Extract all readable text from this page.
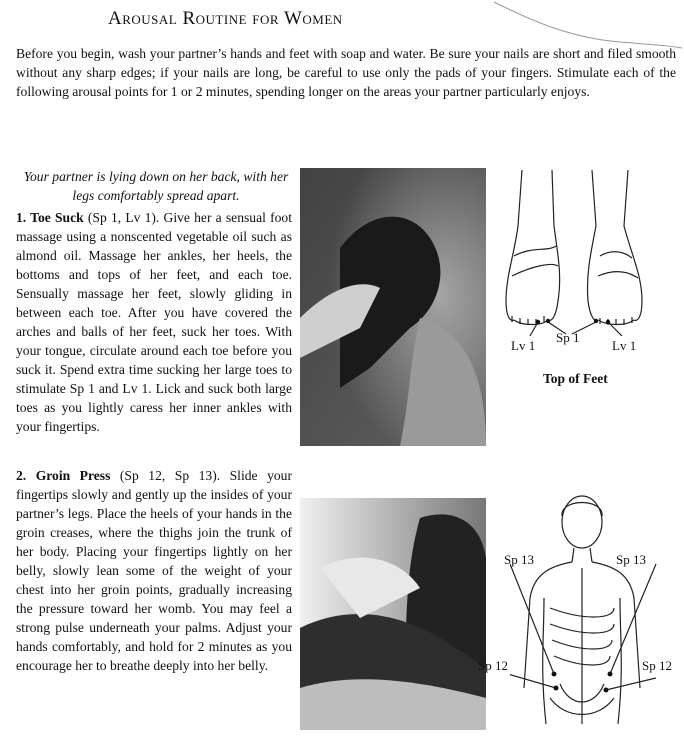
Arousal Routine for Women

Before you begin, wash your partner’s hands and feet with soap and water. Be sure your nails are short and filed smooth without any sharp edges; if your nails are long, be careful to use only the pads of your fingers. Stimulate each of the following arousal points for 1 or 2 minutes, spending longer on the areas your partner particularly enjoys.

Your partner is lying down on her back, with her legs comfortably spread apart.

1. Toe Suck (Sp 1, Lv 1). Give her a sensual foot massage using a nonscented vegetable oil such as almond oil. Massage her ankles, her heels, the bottoms and tops of her feet, and each toe. Sensually massage her feet, slowly gliding in between each toe. After you have covered the arches and balls of her feet, suck her toes. With your tongue, circulate around each toe before you suck it. Spend extra time sucking her large toes to stimulate Sp 1 and Lv 1. Lick and suck both large toes as you lightly caress her inner ankles with your fingertips.

2. Groin Press (Sp 12, Sp 13). Slide your fingertips slowly and gently up the insides of your partner’s legs. Place the heels of your hands in the groin creases, where the thighs join the trunk of her body. Placing your fingertips lightly on her belly, slowly lean some of the weight of your chest into her groin points, gradually increasing the pressure toward her womb. You may feel a strong pulse underneath your palms. Adjust your hands comfortably, and hold for 2 minutes as you encourage her to breathe deeply into her belly.

Lv 1
Sp 1
Lv 1
Top of Feet
Sp 13	Sp 13
Sp 12	Sp 12
